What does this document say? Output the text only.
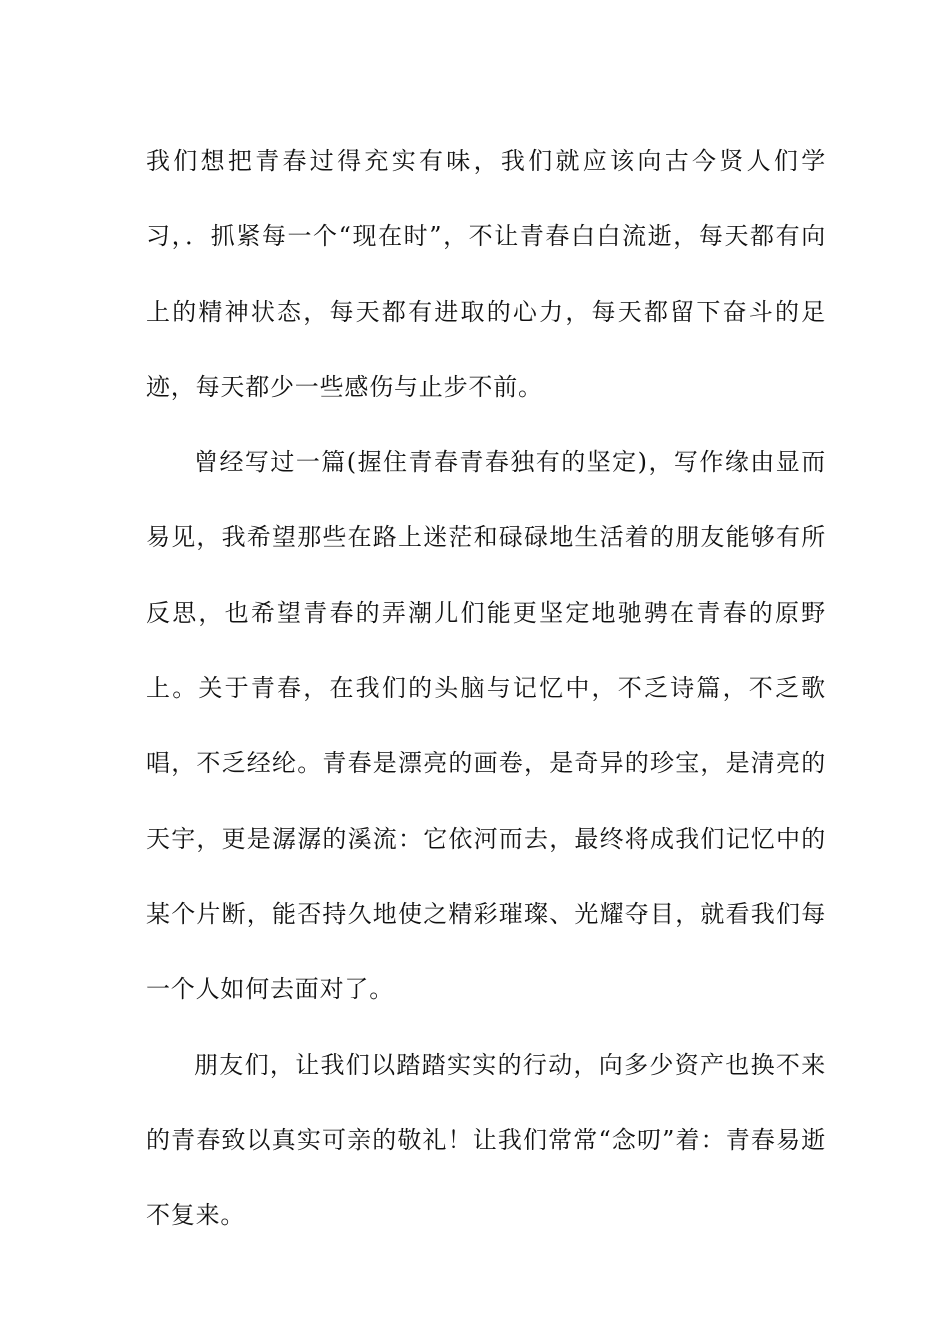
我们想把青春过得充实有味，我们就应该向古今贤人们学习，．抓紧每一个“现在时”，不让青春白白流逝，每天都有向上的精神状态，每天都有进取的心力，每天都留下奋斗的足迹，每天都少一些感伤与止步不前。

曾经写过一篇(握住青春青春独有的坚定)，写作缘由显而易见，我希望那些在路上迷茫和碌碌地生活着的朋友能够有所反思，也希望青春的弄潮儿们能更坚定地驰骋在青春的原野上。关于青春，在我们的头脑与记忆中，不乏诗篇，不乏歌唱，不乏经纶。青春是漂亮的画卷，是奇异的珍宝，是清亮的天宇，更是潺潺的溪流：它依河而去，最终将成我们记忆中的某个片断，能否持久地使之精彩璀璨、光耀夺目，就看我们每一个人如何去面对了。

朋友们，让我们以踏踏实实的行动，向多少资产也换不来的青春致以真实可亲的敬礼！让我们常常“念叨”着：青春易逝不复来。
